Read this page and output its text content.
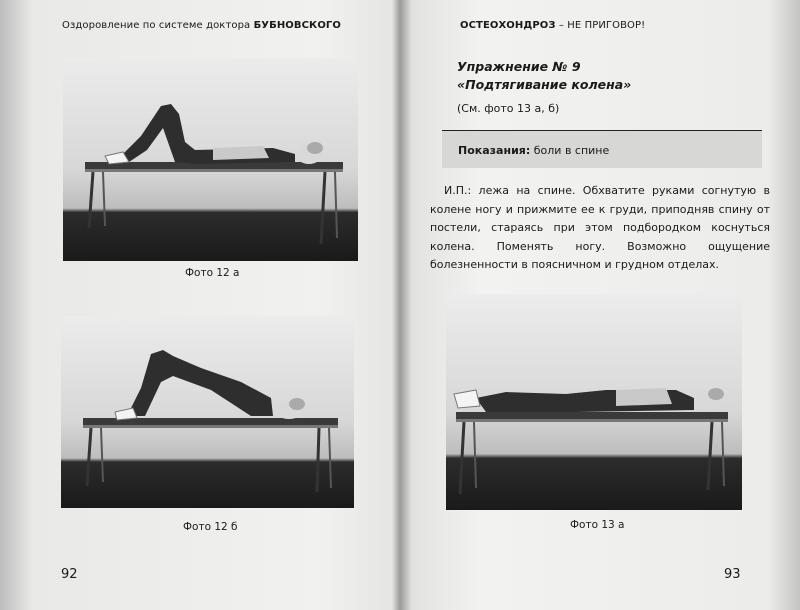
Оздоровление по системе доктора БУБНОВСКОГО
Фото 12 а
Фото 12 б
92
ОСТЕОХОНДРОЗ – НЕ ПРИГОВОР!
Упражнение № 9
«Подтягивание колена»
(См. фото 13 а, б)
Показания: боли в спине
И.П.: лежа на спине. Обхватите руками согнутую в колене ногу и прижмите ее к груди, приподняв спину от постели, стараясь при этом подбородком коснуться колена. Поменять ногу. Возможно ощущение болезненности в поясничном и грудном отделах.
Фото 13 а
93
